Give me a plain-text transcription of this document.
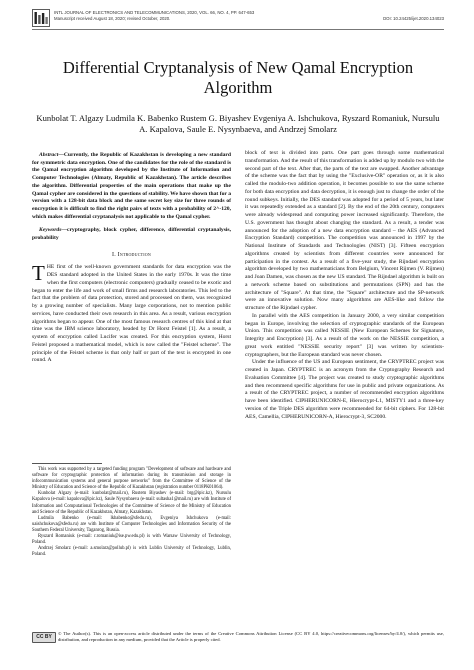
INTL JOURNAL OF ELECTRONICS AND TELECOMMUNICATIONS, 2020, VOL. 66, NO. 4, PP. 647-653
Manuscript received August 18, 2020; revised October, 2020.	DOI: 10.24425/ijet.2020.134023
Differential Cryptanalysis of New Qamal Encryption Algorithm
Kunbolat T. Algazy Ludmila K. Babenko Rustem G. Biyashev Evgeniya A. Ishchukova, Ryszard Romaniuk, Nursulu A. Kapalova, Saule E. Nysynbaeva, and Andrzej Smolarz
Abstract—Currently, the Republic of Kazakhstan is developing a new standard for symmetric data encryption. One of the candidates for the role of the standard is the Qamal encryption algorithm developed by the Institute of Information and Computer Technologies (Almaty, Republic of Kazakhstan). The article describes the algorithm. Differential properties of the main operations that make up the Qamal cypher are considered in the questions of stability. We have shown that for a version with a 128-bit data block and the same secret key size for three rounds of encryption it is difficult to find the right pairs of texts with a probability of 2^-120, which makes differential cryptanalysis not applicable to the Qamal cypher.
Keywords—cryptography, block cypher, difference, differential cryptanalysis, probability
I. Introduction
THE first of the well-known government standards for data encryption was the DES standard adopted in the United States in the early 1970s. It was the time when the first computers (electronic computers) gradually ceased to be exotic and began to enter the life and work of small firms and research laboratories. This led to the fact that the problem of data protection, stored and processed on them, was recognized by a growing number of specialists. Many large corporations, not to mention public services, have conducted their own research in this area. As a result, various encryption algorithms began to appear. One of the most famous research centres of this kind at that time was the IBM science laboratory, headed by Dr Horst Feistel [1]. As a result, a system of encryption called Lucifer was created. For this encryption system, Horst Feistel proposed a mathematical model, which is now called the "Feistel scheme". The principle of the Feistel scheme is that only half or part of the text is encrypted in one round. A

This work was supported by a targeted funding program "Development of software and hardware and software for cryptographic protection of information during its transmission and storage in infocommunication systems and general purpose networks" from the Committee of Science of the Ministry of Education and Science of the Republic of Kazakhstan (registration number 0118РК01064).

Kunbolat Algazy (e-mail: kunbolat@mail.ru), Rustem Biyashev (e-mail: brg@ipic.kz), Nursulu Kapalova (e-mail: kapalova@ipic.kz), Saule Nysynbaeva (e-mail: sultasha1@mail.ru) are with Institute of Information and Computational Technologies of the Committee of Science of the Ministry of Education and Science of the Republic of Kazakhstan, Almaty, Kazakhstan.

Ludmila Babenko (e-mail: lkbabenko@sfedu.ru), Evgeniya Ishchukova (e-mail: uaishchukova@sfedu.ru) are with Institute of Computer Technologies and Information Security of the Southern Federal University, Taganrog, Russia.

Ryszard Romaniuk (e-mail: r.romaniuk@ise.pw.edu.pl) is with Warsaw University of Technology, Poland.

Andrzej Smolarz (e-mail: a.smolarz@pollub.pl) is with Lublin University of Technology, Lublin, Poland.

block of text is divided into parts. One part goes through some mathematical transformation. And the result of this transformation is added up by modulo two with the second part of the text. After that, the parts of the text are swapped. Another advantage of the scheme was the fact that by using the "Exclusive-OR" operation or, as it is also called the modulo-two addition operation, it becomes possible to use the same scheme for both data encryption and data decryption, it is enough just to change the order of the round subkeys. Initially, the DES standard was adopted for a period of 5 years, but later it was repeatedly extended as a standard [2]. By the end of the 20th century, computers were already widespread and computing power increased significantly. Therefore, the U.S. government has thought about changing the standard. As a result, a tender was announced for the adoption of a new data encryption standard – the AES (Advanced Encryption Standard) competition. The competition was announced in 1997 by the National Institute of Standards and Technologies (NIST) [3]. Fifteen encryption algorithms created by scientists from different countries were announced for participation in the contest. As a result of a five-year study, the Rijndael encryption algorithm developed by two mathematicians from Belgium, Vincent Rijmen (V. Rijmen) and Joan Damen, was chosen as the new US standard. The Rijndael algorithm is built on a network scheme based on substitutions and permutations (SPN) and has the architecture of "Square". At that time, the "Square" architecture and the SP-network were an innovative solution. Now many algorithms are AES-like and follow the structure of the Rijndael cypher.

In parallel with the AES competition in January 2000, a very similar competition began in Europe, involving the selection of cryptographic standards of the European Union. This competition was called NESSIE (New European Schemes for Signature, Integrity and Encryption) [3]. As a result of the work on the NESSIE competition, a great work entitled "NESSIE security report" [3] was written by scientists-cryptographers, but the European standard was never chosen.

Under the influence of the US and European sentiment, the CRYPTREC project was created in Japan. CRYPTREC is an acronym from the Cryptography Research and Evaluation Committee [4]. The project was created to study cryptographic algorithms and then recommend specific algorithms for use in public and private organizations. As a result of the CRYPTREC project, a number of recommended encryption algorithms have been identified. CIPHERUNICORN-E, Hierocrypt-L1, MISTY1 and a three-key version of the Triple DES algorithm were recommended for 64-bit ciphers. For 128-bit AES, Camellia, CIPHERUNICORN-A, Hierocrypt-3, SC2000.

CC BY
© The Author(s). This is an open-access article distributed under the terms of the Creative Commons Attribution License (CC BY 4.0, https://creativecommons.org/licenses/by/4.0/), which permits use, distribution, and reproduction in any medium, provided that the Article is properly cited.
